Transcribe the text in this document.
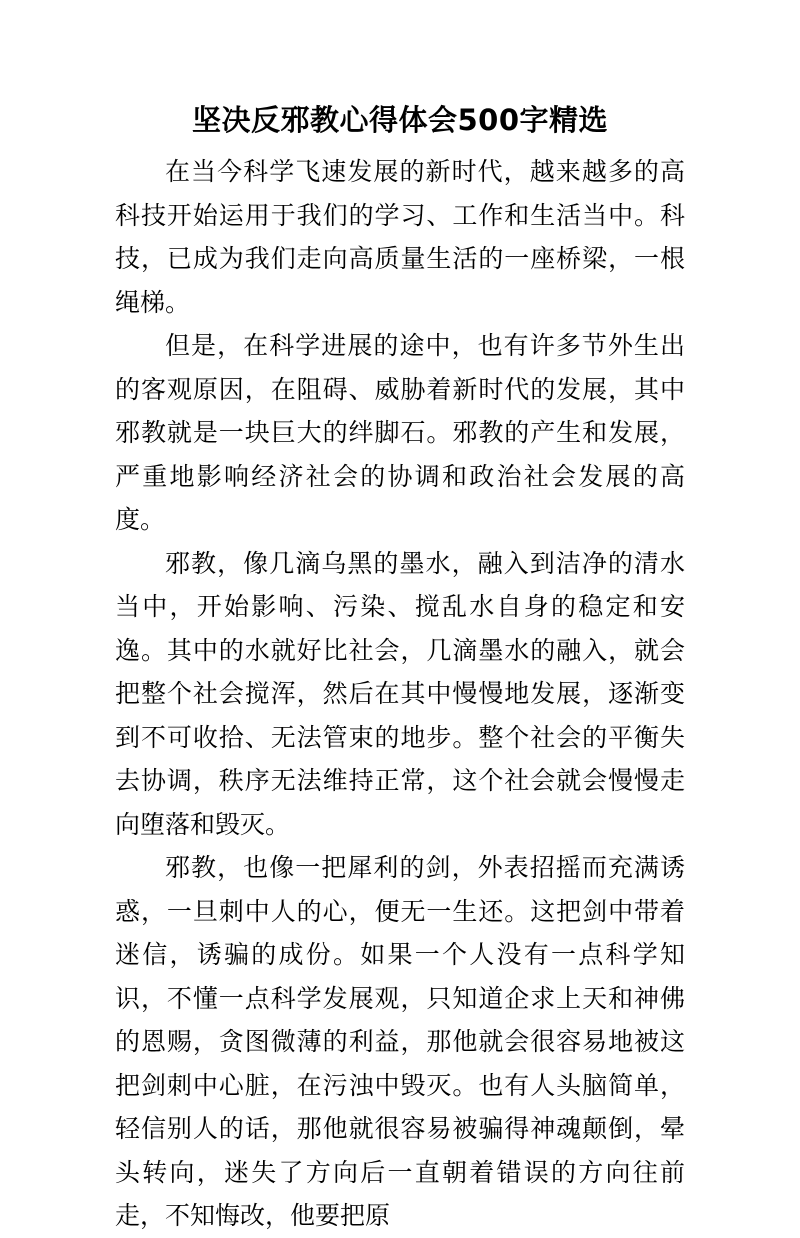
坚决反邪教心得体会500字精选

在当今科学飞速发展的新时代，越来越多的高科技开始运用于我们的学习、工作和生活当中。科技，已成为我们走向高质量生活的一座桥梁，一根绳梯。

但是，在科学进展的途中，也有许多节外生出的客观原因，在阻碍、威胁着新时代的发展，其中邪教就是一块巨大的绊脚石。邪教的产生和发展，严重地影响经济社会的协调和政治社会发展的高度。

邪教，像几滴乌黑的墨水，融入到洁净的清水当中，开始影响、污染、搅乱水自身的稳定和安逸。其中的水就好比社会，几滴墨水的融入，就会把整个社会搅浑，然后在其中慢慢地发展，逐渐变到不可收拾、无法管束的地步。整个社会的平衡失去协调，秩序无法维持正常，这个社会就会慢慢走向堕落和毁灭。

邪教，也像一把犀利的剑，外表招摇而充满诱惑，一旦刺中人的心，便无一生还。这把剑中带着迷信，诱骗的成份。如果一个人没有一点科学知识，不懂一点科学发展观，只知道企求上天和神佛的恩赐，贪图微薄的利益，那他就会很容易地被这把剑刺中心脏，在污浊中毁灭。也有人头脑简单，轻信别人的话，那他就很容易被骗得神魂颠倒，晕头转向，迷失了方向后一直朝着错误的方向往前走，不知悔改，他要把原
